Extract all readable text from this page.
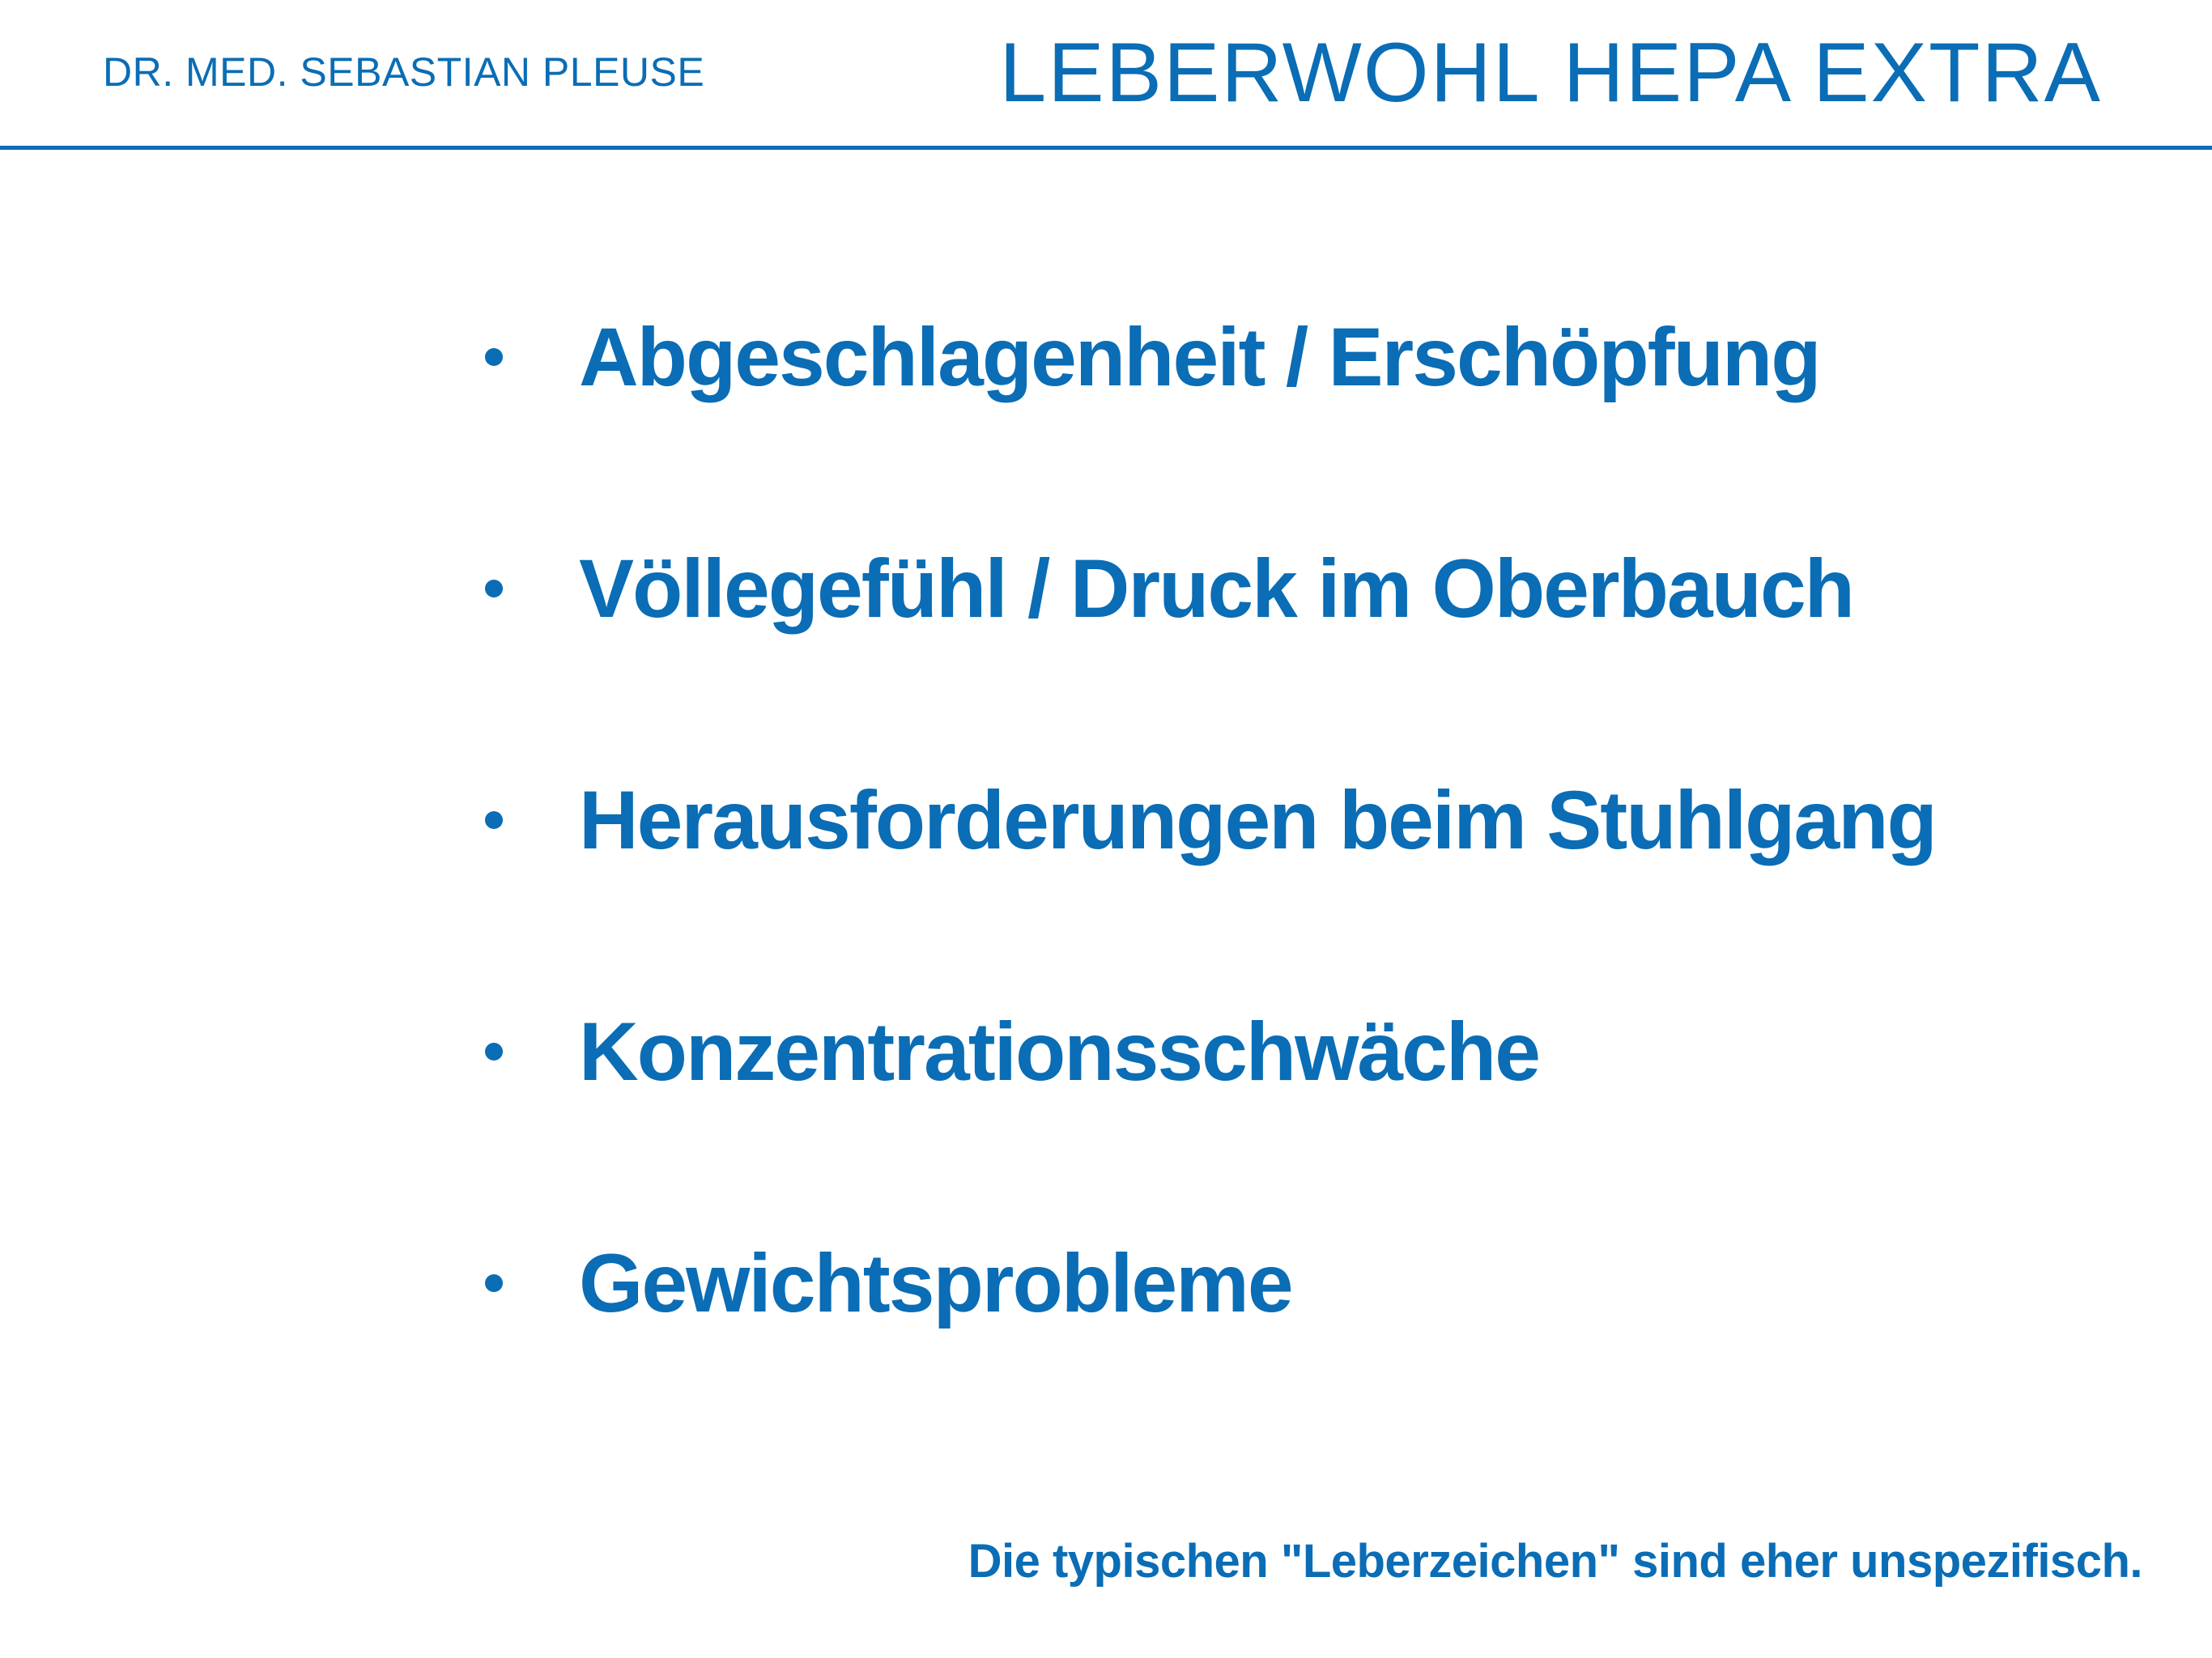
DR. MED. SEBASTIAN PLEUSE	LEBERWOHL HEPA EXTRA
Abgeschlagenheit / Erschöpfung
Völlegefühl / Druck im Oberbauch
Herausforderungen beim Stuhlgang
Konzentrationsschwäche
Gewichtsprobleme
Die typischen "Leberzeichen" sind eher unspezifisch.
